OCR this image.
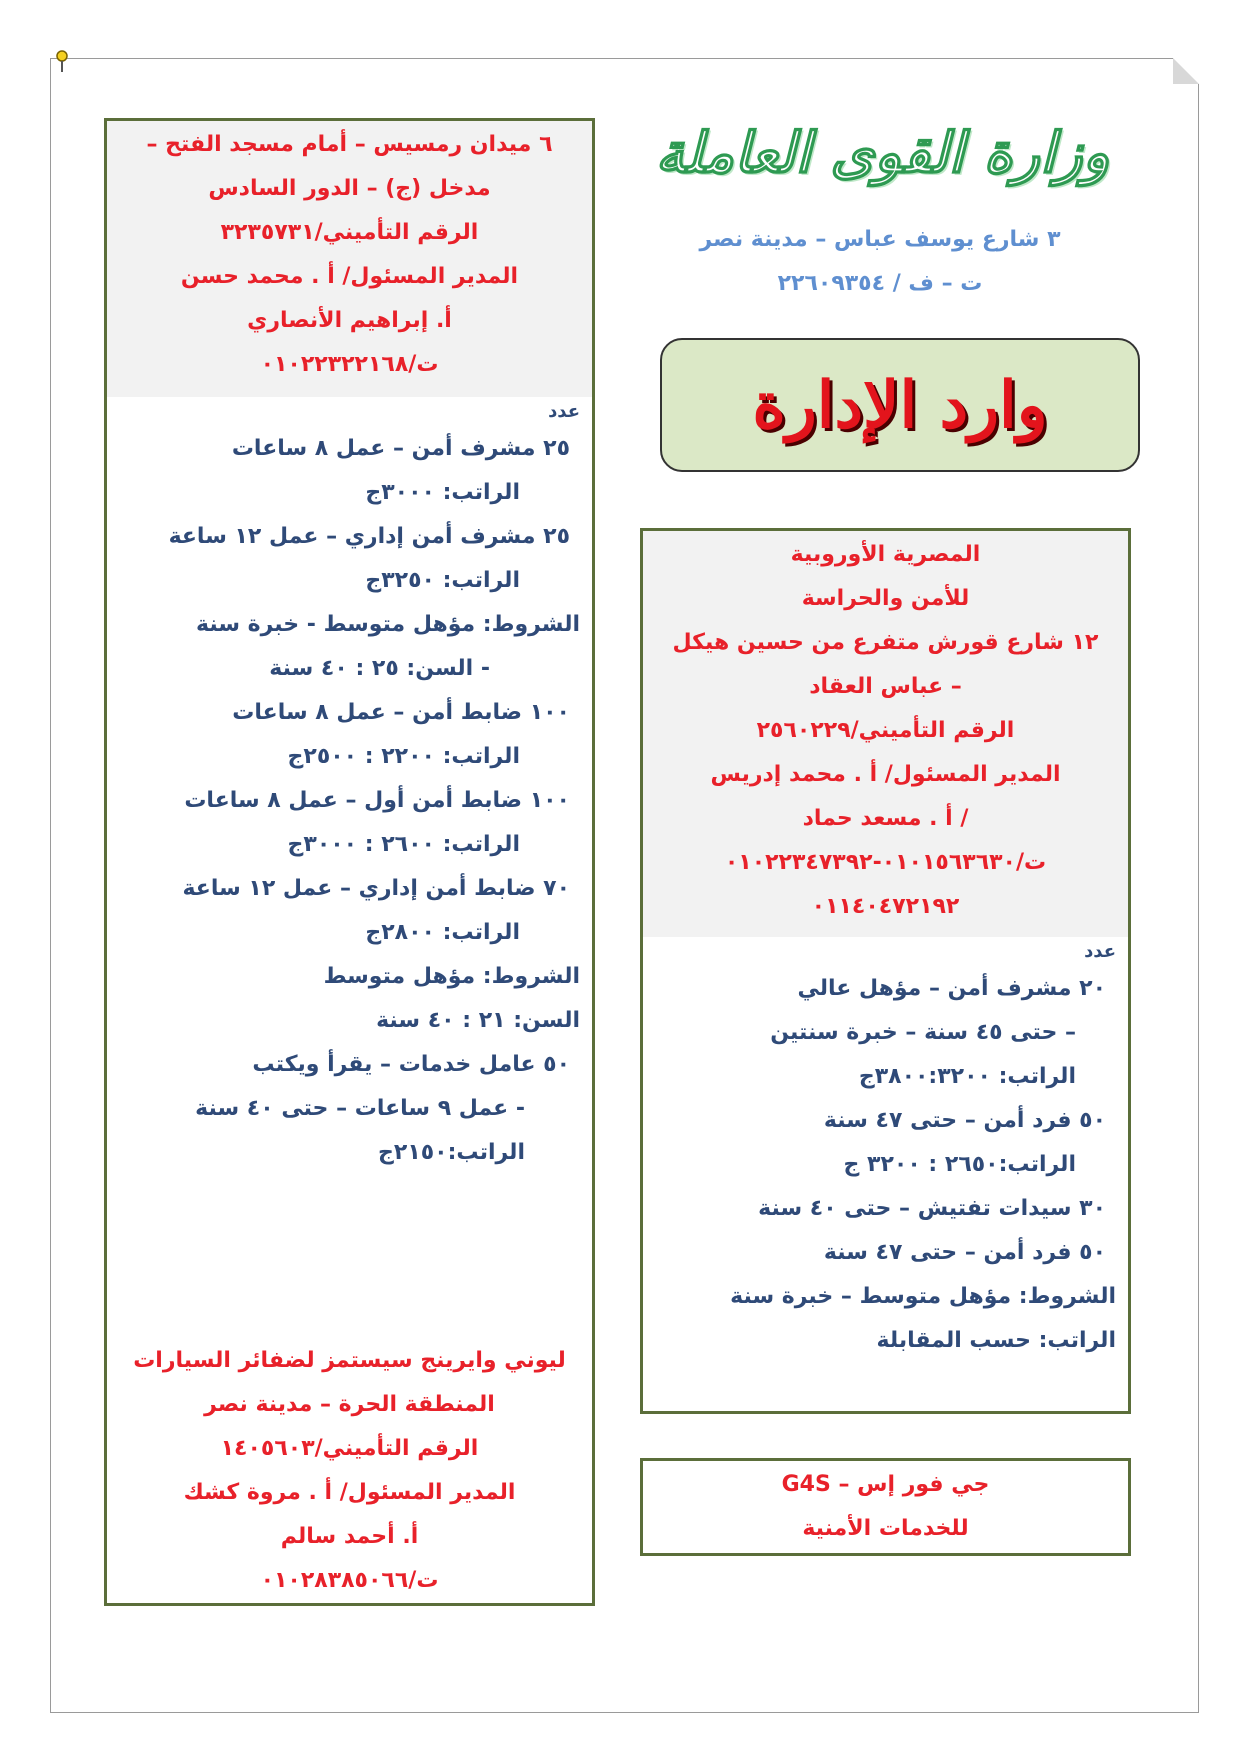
وزارة القوى العاملة
٣ شارع يوسف عباس – مدينة نصر
ت – ف / ٢٢٦٠٩٣٥٤
وارد الإدارة
٦ ميدان رمسيس – أمام مسجد الفتح –
مدخل (ج) – الدور السادس
الرقم التأميني/٣٢٣٥٧٣١
المدير المسئول/ أ . محمد حسن
أ. إبراهيم الأنصاري
ت/٠١٠٢٢٣٢٢١٦٨
عدد
٢٥ مشرف أمن – عمل ٨ ساعات
الراتب: ٣٠٠٠ج
٢٥ مشرف أمن إداري – عمل ١٢ ساعة
الراتب: ٣٢٥٠ج
الشروط: مؤهل متوسط - خبرة سنة
- السن: ٢٥ : ٤٠ سنة
١٠٠ ضابط أمن – عمل ٨ ساعات
الراتب: ٢٢٠٠ : ٢٥٠٠ج
١٠٠ ضابط أمن أول – عمل ٨ ساعات
الراتب: ٢٦٠٠ : ٣٠٠٠ج
٧٠ ضابط أمن إداري – عمل ١٢ ساعة
الراتب: ٢٨٠٠ج
الشروط: مؤهل متوسط
السن: ٢١ : ٤٠ سنة
٥٠ عامل خدمات – يقرأ ويكتب
- عمل ٩ ساعات – حتى ٤٠ سنة
الراتب:٢١٥٠ج
ليوني وايرينج سيستمز لضفائر السيارات
المنطقة الحرة – مدينة نصر
الرقم التأميني/١٤٠٥٦٠٣
المدير المسئول/ أ . مروة كشك
أ. أحمد سالم
ت/٠١٠٢٨٣٨٥٠٦٦
المصرية الأوروبية
للأمن والحراسة
١٢ شارع قورش متفرع من حسين هيكل
– عباس العقاد
الرقم التأميني/٢٥٦٠٢٢٩
المدير المسئول/ أ . محمد إدريس
/ أ . مسعد حماد
ت/٠١٠١٥٦٣٦٣٠-٠١٠٢٢٣٤٧٣٩٢
٠١١٤٠٤٧٢١٩٢
عدد
٢٠ مشرف أمن – مؤهل عالي
– حتى ٤٥ سنة – خبرة سنتين
الراتب: ٣٨٠٠:٣٢٠٠ج
٥٠ فرد أمن – حتى ٤٧ سنة
الراتب:٢٦٥٠ : ٣٢٠٠ ج
٣٠ سيدات تفتيش – حتى ٤٠ سنة
٥٠ فرد أمن – حتى ٤٧ سنة
الشروط: مؤهل متوسط – خبرة سنة
الراتب: حسب المقابلة
جي فور إس – G4S
للخدمات الأمنية
